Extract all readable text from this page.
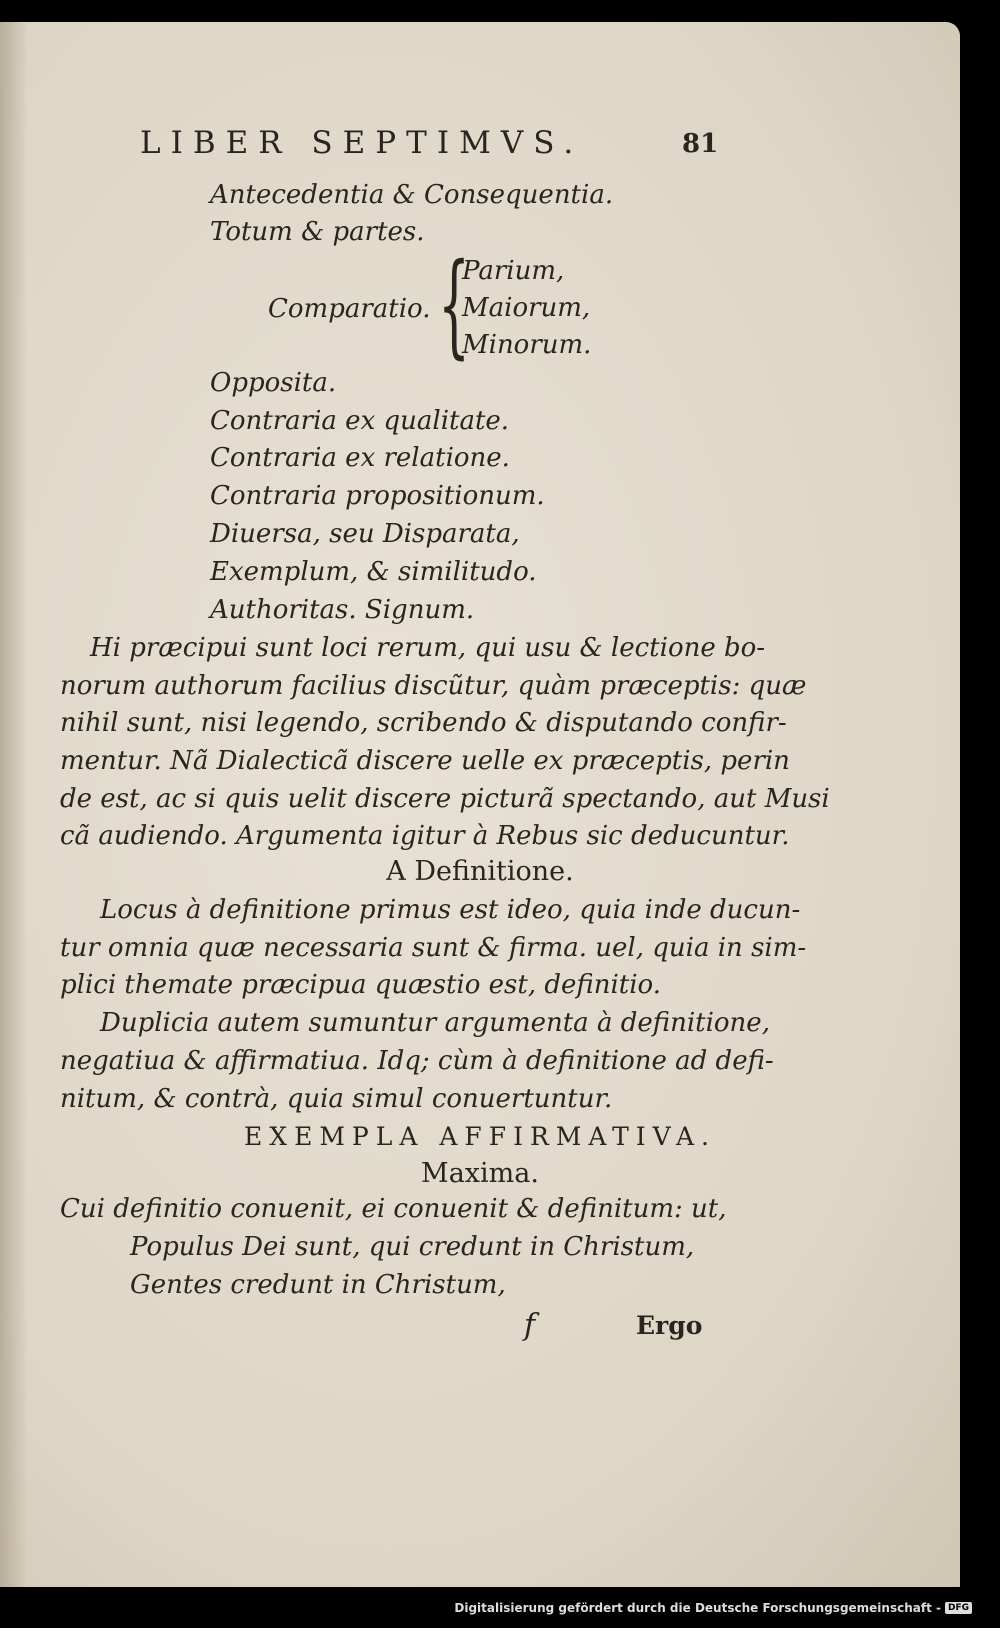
LIBER SEPTIMVS.	81
Antecedentia & Consequentia.
Totum & partes.
Comparatio. {
Parium,
Maiorum,
Minorum.
Opposita.
Contraria ex qualitate.
Contraria ex relatione.
Contraria propositionum.
Diuersa, seu Disparata,
Exemplum, & similitudo.
Authoritas. Signum.
Hi præcipui sunt loci rerum, qui usu & lectione bo-
norum authorum facilius discũtur, quàm præceptis: quæ
nihil sunt, nisi legendo, scribendo & disputando confir-
mentur. Nã Dialecticã discere uelle ex præceptis, perin
de est, ac si quis uelit discere picturã spectando, aut Musi
cã audiendo. Argumenta igitur à Rebus sic deducuntur.
A Definitione.
Locus à definitione primus est ideo, quia inde ducun-
tur omnia quæ necessaria sunt & firma. uel, quia in sim-
plici themate præcipua quæstio est, definitio.
Duplicia autem sumuntur argumenta à definitione,
negatiua & affirmatiua. Idq; cùm à definitione ad defi-
nitum, & contrà, quia simul conuertuntur.
EXEMPLA AFFIRMATIVA.
Maxima.
Cui definitio conuenit, ei conuenit & definitum: ut,
Populus Dei sunt, qui credunt in Christum,
Gentes credunt in Christum,
f	Ergo
Digitalisierung gefördert durch die Deutsche Forschungsgemeinschaft - DFG
